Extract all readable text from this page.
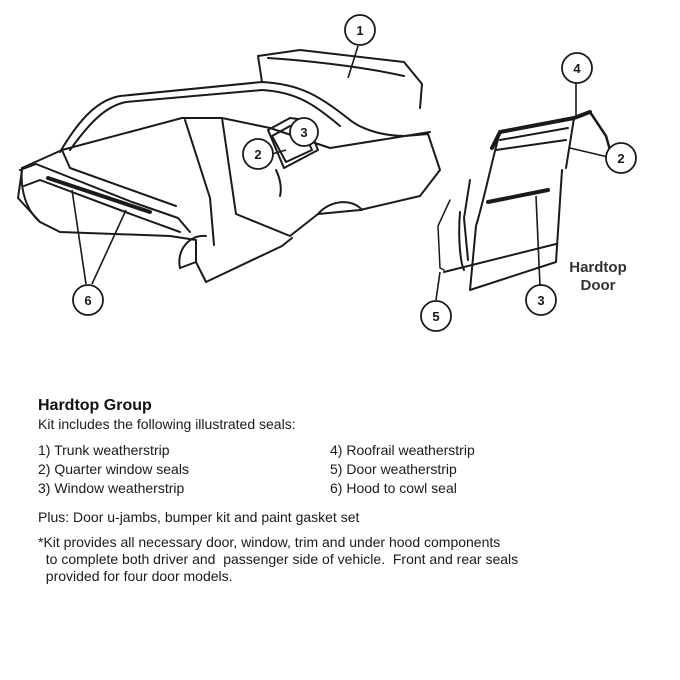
1
2
3
6
4
2
5
3
Hardtop
Door
Hardtop Group
Kit includes the following illustrated seals:
1) Trunk weatherstrip	4) Roofrail weatherstrip
2) Quarter window seals	5) Door weatherstrip
3) Window weatherstrip	6) Hood to cowl seal
Plus: Door u-jambs, bumper kit and paint gasket set
*Kit provides all necessary door, window, trim and under hood components
to complete both driver and  passenger side of vehicle.  Front and rear seals
provided for four door models.
